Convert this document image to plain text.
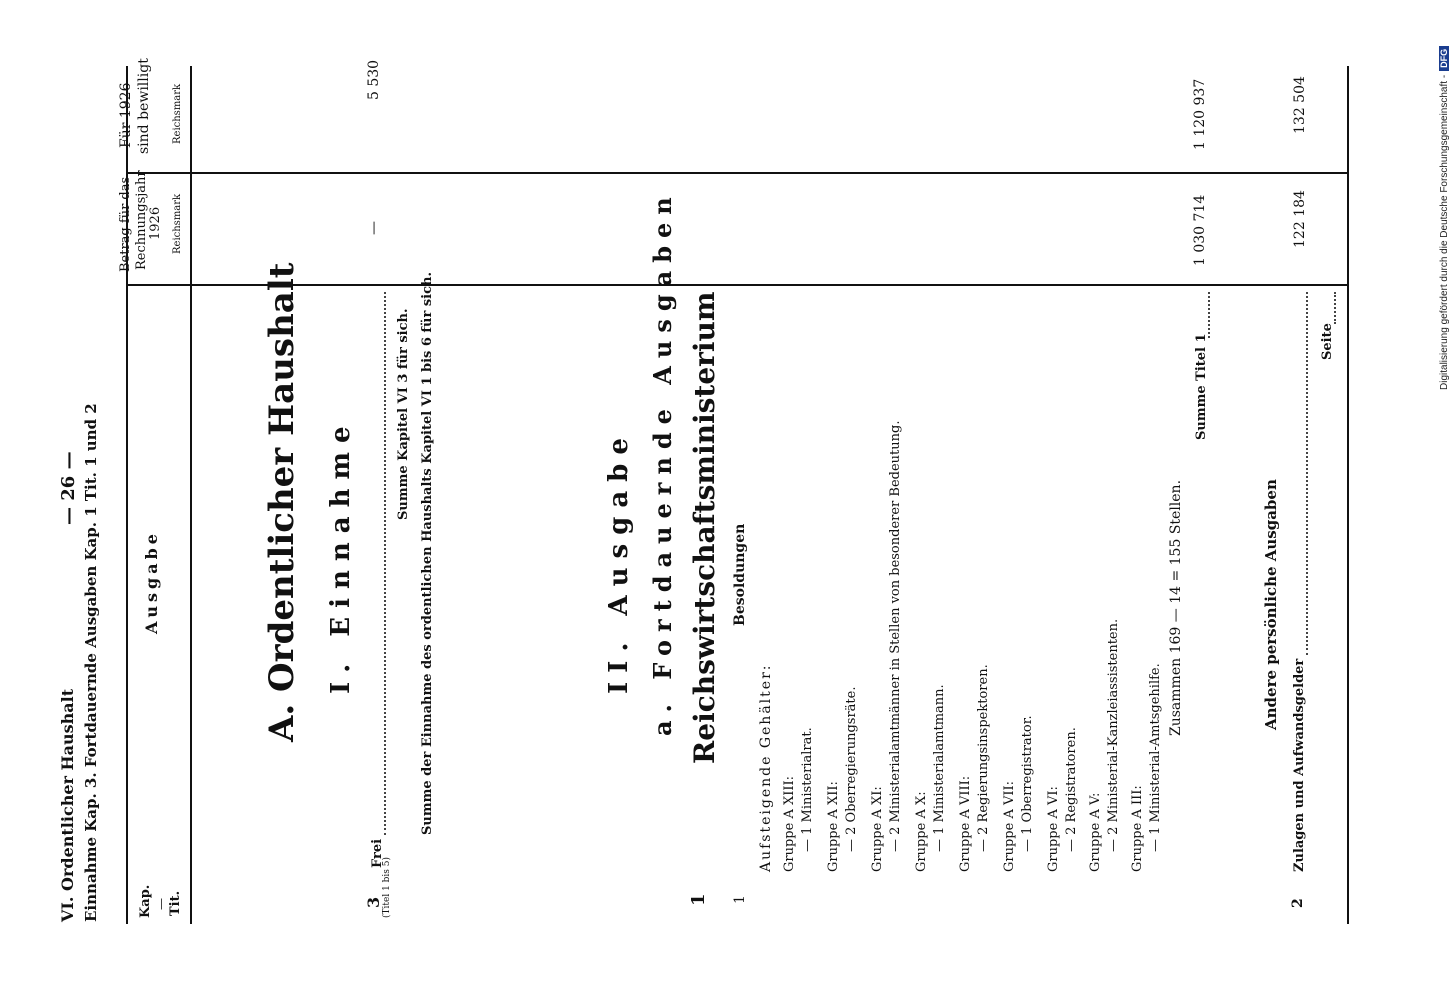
VI. Ordentlicher Haushalt Einnahme Kap. 3. Fortdauernde Ausgaben Kap. 1 Tit. 1 und 2
— 26 —
Kap. — Tit.
Ausgabe
Betrag für das Rechnungsjahr 1926 Reichsmark
Für 1926 sind bewilligt Reichsmark
A. Ordentlicher Haushalt I. Einnahme
3 (Titel 1 bis 5)
Frei
—
5 530
Summe Kapitel VI 3 für sich. Summe der Einnahme des ordentlichen Haushalts Kapitel VI 1 bis 6 für sich.	II. Ausgabe a. Fortdauernde Ausgaben Reichswirtschaftsministerium Besoldungen
1 1
Aufsteigende Gehälter: Gruppe A XIII: — 1 Ministerialrat. Gruppe A XII: — 2 Oberregierungsräte. Gruppe A XI: — 2 Ministerialamtmänner in Stellen von besonderer Bedeutung. Gruppe A X: — 1 Ministerialamtmann. Gruppe A VIII: — 2 Regierungsinspektoren. Gruppe A VII: — 1 Oberregistrator. Gruppe A VI: — 2 Registratoren. Gruppe A V: — 2 Ministerial-Kanzleiassistenten. Gruppe A III: — 1 Ministerial-Amtsgehilfe.
Zusammen 169 — 14 = 155 Stellen.
Summe Titel 1
1 030 714
1 120 937
Andere persönliche Ausgaben
2
Zulagen und Aufwandsgelder
122 184
132 504
Seite	Digitalisierung gefördert durch die Deutsche Forschungsgemeinschaft -DFG
